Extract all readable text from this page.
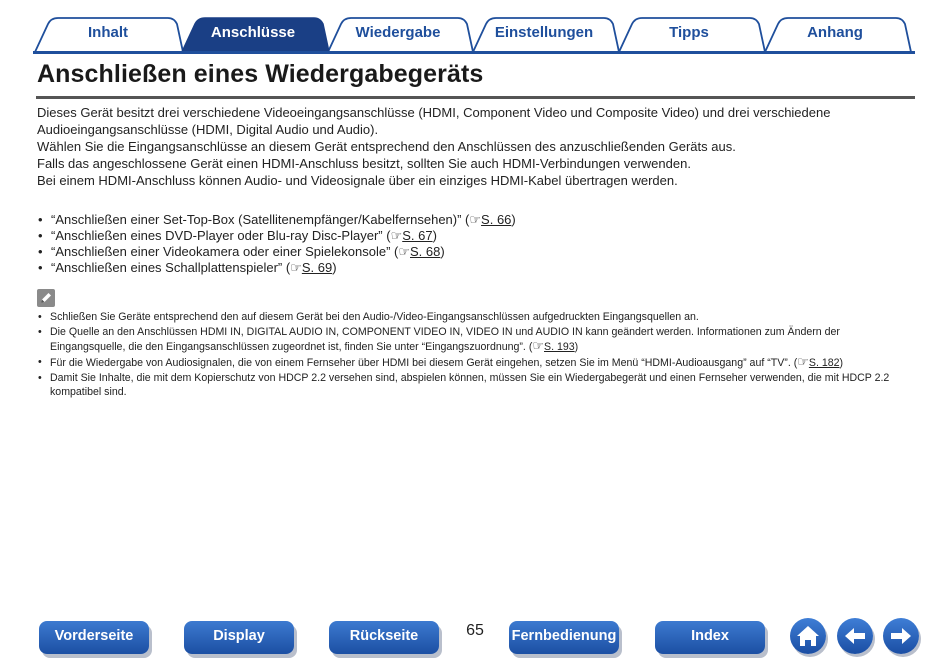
Inhalt	Anschlüsse	Wiedergabe	Einstellungen	Tipps	Anhang
Anschließen eines Wiedergabegeräts

Dieses Gerät besitzt drei verschiedene Videoeingangsanschlüsse (HDMI, Component Video und Composite Video) und drei verschiedene Audioeingangsanschlüsse (HDMI, Digital Audio und Audio).

Wählen Sie die Eingangsanschlüsse an diesem Gerät entsprechend den Anschlüssen des anzuschließenden Geräts aus.

Falls das angeschlossene Gerät einen HDMI-Anschluss besitzt, sollten Sie auch HDMI-Verbindungen verwenden.

Bei einem HDMI-Anschluss können Audio- und Videosignale über ein einziges HDMI-Kabel übertragen werden.

• “Anschließen einer Set-Top-Box (Satellitenempfänger/Kabelfernsehen)” (☞S. 66)
• “Anschließen eines DVD-Player oder Blu-ray Disc-Player” (☞S. 67)
• “Anschließen einer Videokamera oder einer Spielekonsole” (☞S. 68)
• “Anschließen eines Schallplattenspieler” (☞S. 69)
• Schließen Sie Geräte entsprechend den auf diesem Gerät bei den Audio-/Video-Eingangsanschlüssen aufgedruckten Eingangsquellen an.
• Die Quelle an den Anschlüssen HDMI IN, DIGITAL AUDIO IN, COMPONENT VIDEO IN, VIDEO IN und AUDIO IN kann geändert werden. Informationen zum Ändern der Eingangsquelle, die den Eingangsanschlüssen zugeordnet ist, finden Sie unter “Eingangszuordnung”. (☞S. 193)
• Für die Wiedergabe von Audiosignalen, die von einem Fernseher über HDMI bei diesem Gerät eingehen, setzen Sie im Menü “HDMI-Audioausgang” auf “TV”. (☞S. 182)
• Damit Sie Inhalte, die mit dem Kopierschutz von HDCP 2.2 versehen sind, abspielen können, müssen Sie ein Wiedergabegerät und einen Fernseher verwenden, die mit HDCP 2.2 kompatibel sind.
Vorderseite	Display	Rückseite	65	Fernbedienung	Index
